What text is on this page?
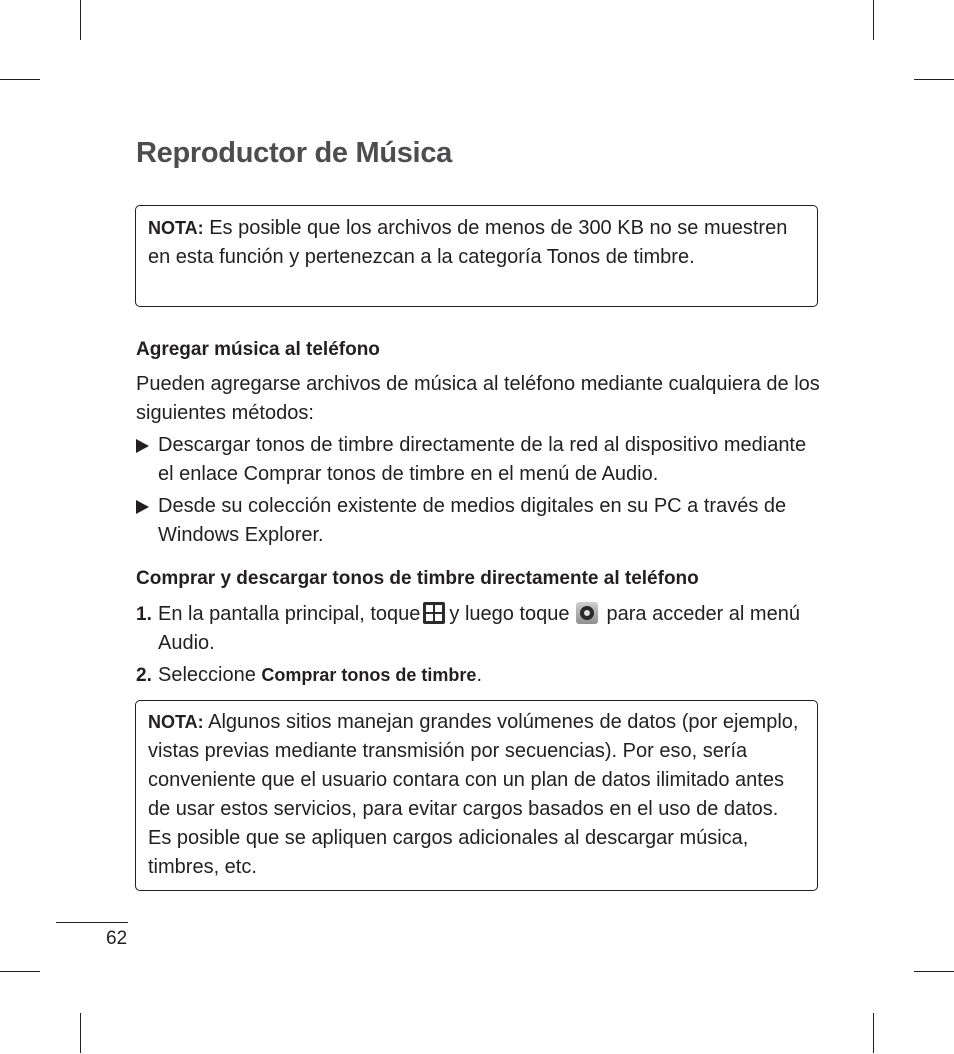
Reproductor de Música
NOTA: Es posible que los archivos de menos de 300 KB no se muestren en esta función y pertenezcan a la categoría Tonos de timbre.
Agregar música al teléfono
Pueden agregarse archivos de música al teléfono mediante cualquiera de los siguientes métodos:
Descargar tonos de timbre directamente de la red al dispositivo mediante el enlace Comprar tonos de timbre en el menú de Audio.
Desde su colección existente de medios digitales en su PC a través de Windows Explorer.
Comprar y descargar tonos de timbre directamente al teléfono
1. En la pantalla principal, toque y luego toque para acceder al menú Audio.
2. Seleccione Comprar tonos de timbre.
NOTA: Algunos sitios manejan grandes volúmenes de datos (por ejemplo, vistas previas mediante transmisión por secuencias). Por eso, sería conveniente que el usuario contara con un plan de datos ilimitado antes de usar estos servicios, para evitar cargos basados en el uso de datos. Es posible que se apliquen cargos adicionales al descargar música, timbres, etc.
62
